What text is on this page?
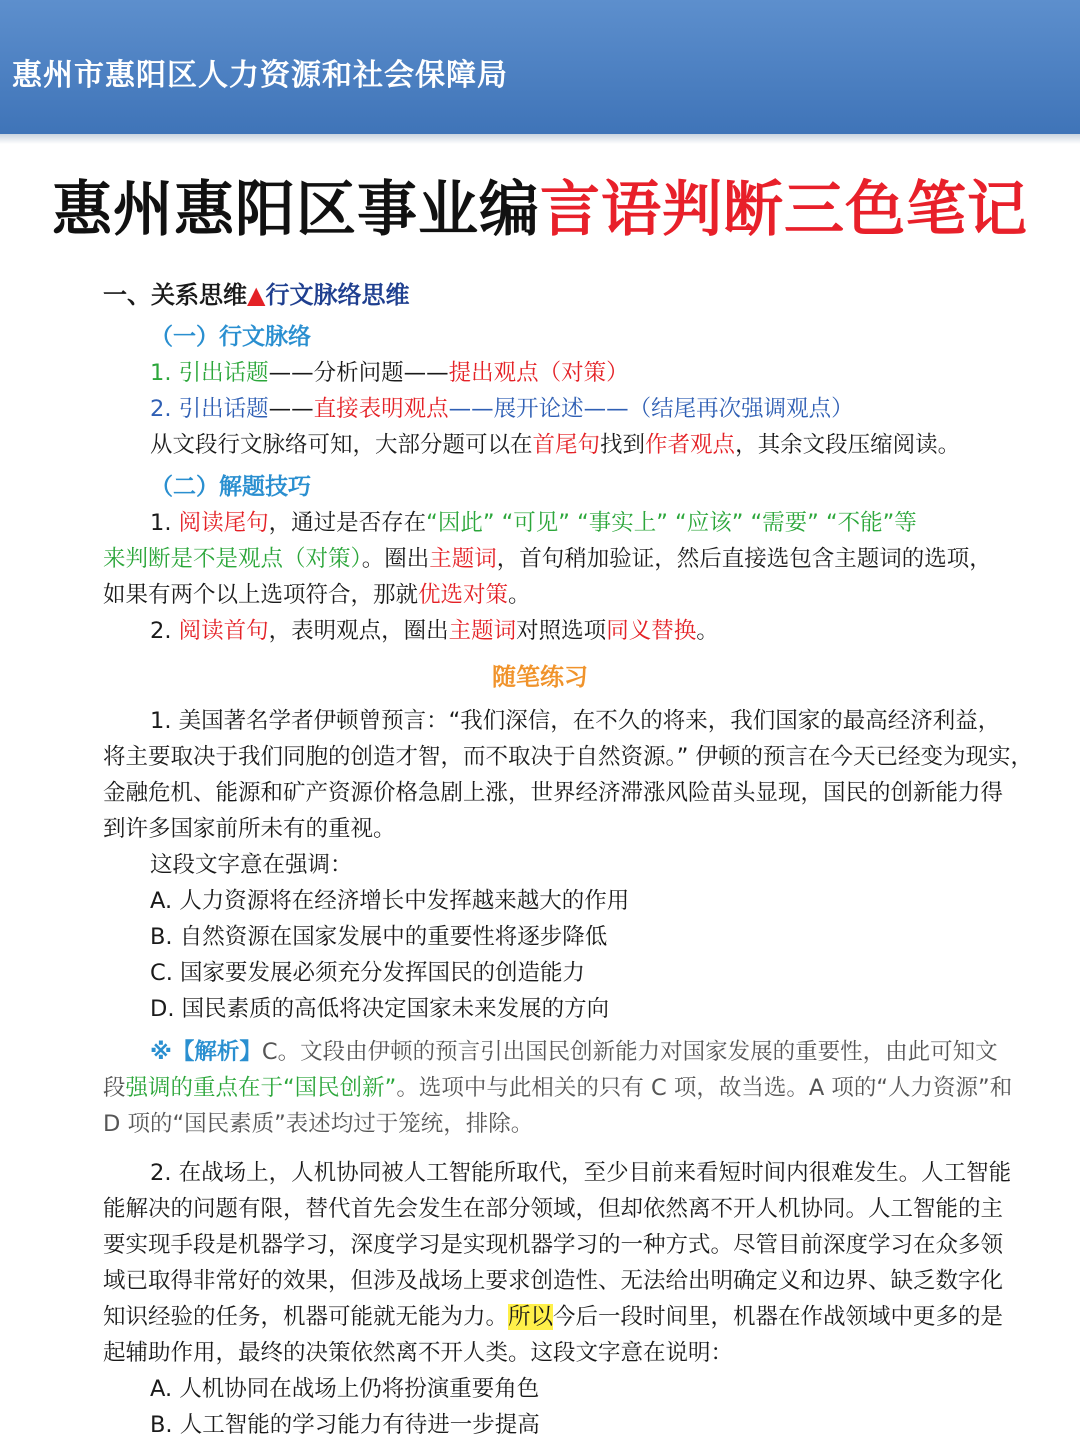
惠州市惠阳区人力资源和社会保障局
惠州惠阳区事业编言语判断三色笔记
一、关系思维▲行文脉络思维
（一）行文脉络
1. 引出话题——分析问题——提出观点（对策）
2. 引出话题——直接表明观点——展开论述——（结尾再次强调观点）
从文段行文脉络可知，大部分题可以在首尾句找到作者观点，其余文段压缩阅读。
（二）解题技巧
1. 阅读尾句，通过是否存在“因此” “可见” “事实上” “应该” “需要” “不能”等
来判断是不是观点（对策）。圈出主题词，首句稍加验证，然后直接选包含主题词的选项，
如果有两个以上选项符合，那就优选对策。
2. 阅读首句，表明观点，圈出主题词对照选项同义替换。
随笔练习
1. 美国著名学者伊顿曾预言：“我们深信，在不久的将来，我们国家的最高经济利益，
将主要取决于我们同胞的创造才智，而不取决于自然资源。” 伊顿的预言在今天已经变为现实，
金融危机、能源和矿产资源价格急剧上涨，世界经济滞涨风险苗头显现，国民的创新能力得
到许多国家前所未有的重视。
这段文字意在强调：
A. 人力资源将在经济增长中发挥越来越大的作用
B. 自然资源在国家发展中的重要性将逐步降低
C. 国家要发展必须充分发挥国民的创造能力
D. 国民素质的高低将决定国家未来发展的方向
※【解析】C。文段由伊顿的预言引出国民创新能力对国家发展的重要性，由此可知文
段强调的重点在于“国民创新”。选项中与此相关的只有 C 项，故当选。A 项的“人力资源”和
D 项的“国民素质”表述均过于笼统，排除。
2. 在战场上，人机协同被人工智能所取代，至少目前来看短时间内很难发生。人工智能
能解决的问题有限，替代首先会发生在部分领域，但却依然离不开人机协同。人工智能的主
要实现手段是机器学习，深度学习是实现机器学习的一种方式。尽管目前深度学习在众多领
域已取得非常好的效果，但涉及战场上要求创造性、无法给出明确定义和边界、缺乏数字化
知识经验的任务，机器可能就无能为力。所以今后一段时间里，机器在作战领域中更多的是
起辅助作用，最终的决策依然离不开人类。这段文字意在说明：
A. 人机协同在战场上仍将扮演重要角色
B. 人工智能的学习能力有待进一步提高
